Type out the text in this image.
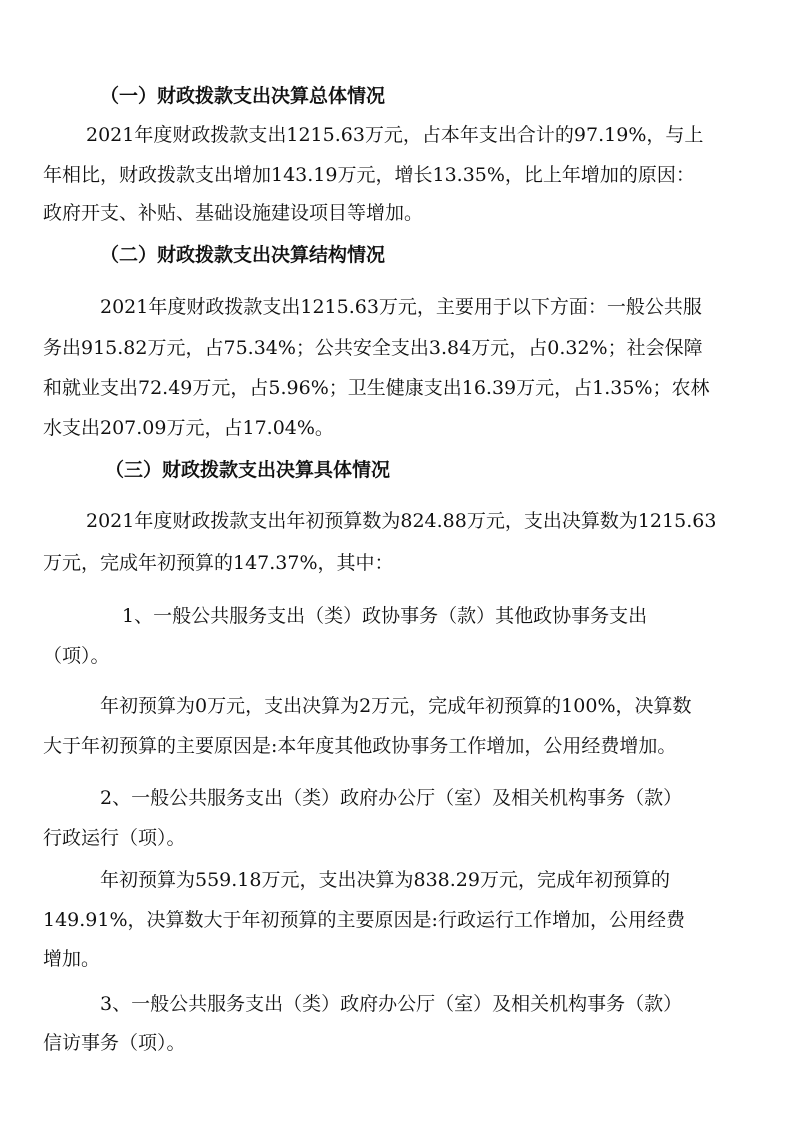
（一）财政拨款支出决算总体情况

2021年度财政拨款支出1215.63万元，占本年支出合计的97.19%，与上

年相比，财政拨款支出增加143.19万元，增长13.35%，比上年增加的原因：

政府开支、补贴、基础设施建设项目等增加。

（二）财政拨款支出决算结构情况

2021年度财政拨款支出1215.63万元，主要用于以下方面：一般公共服

务出915.82万元，占75.34%；公共安全支出3.84万元，占0.32%；社会保障

和就业支出72.49万元，占5.96%；卫生健康支出16.39万元，占1.35%；农林

水支出207.09万元，占17.04%。

（三）财政拨款支出决算具体情况

2021年度财政拨款支出年初预算数为824.88万元，支出决算数为1215.63

万元，完成年初预算的147.37%，其中：

1、一般公共服务支出（类）政协事务（款）其他政协事务支出

（项）。

年初预算为0万元，支出决算为2万元，完成年初预算的100%，决算数

大于年初预算的主要原因是:本年度其他政协事务工作增加，公用经费增加。

2、一般公共服务支出（类）政府办公厅（室）及相关机构事务（款）

行政运行（项）。

年初预算为559.18万元，支出决算为838.29万元，完成年初预算的

149.91%，决算数大于年初预算的主要原因是:行政运行工作增加，公用经费

增加。

3、一般公共服务支出（类）政府办公厅（室）及相关机构事务（款）

信访事务（项）。
